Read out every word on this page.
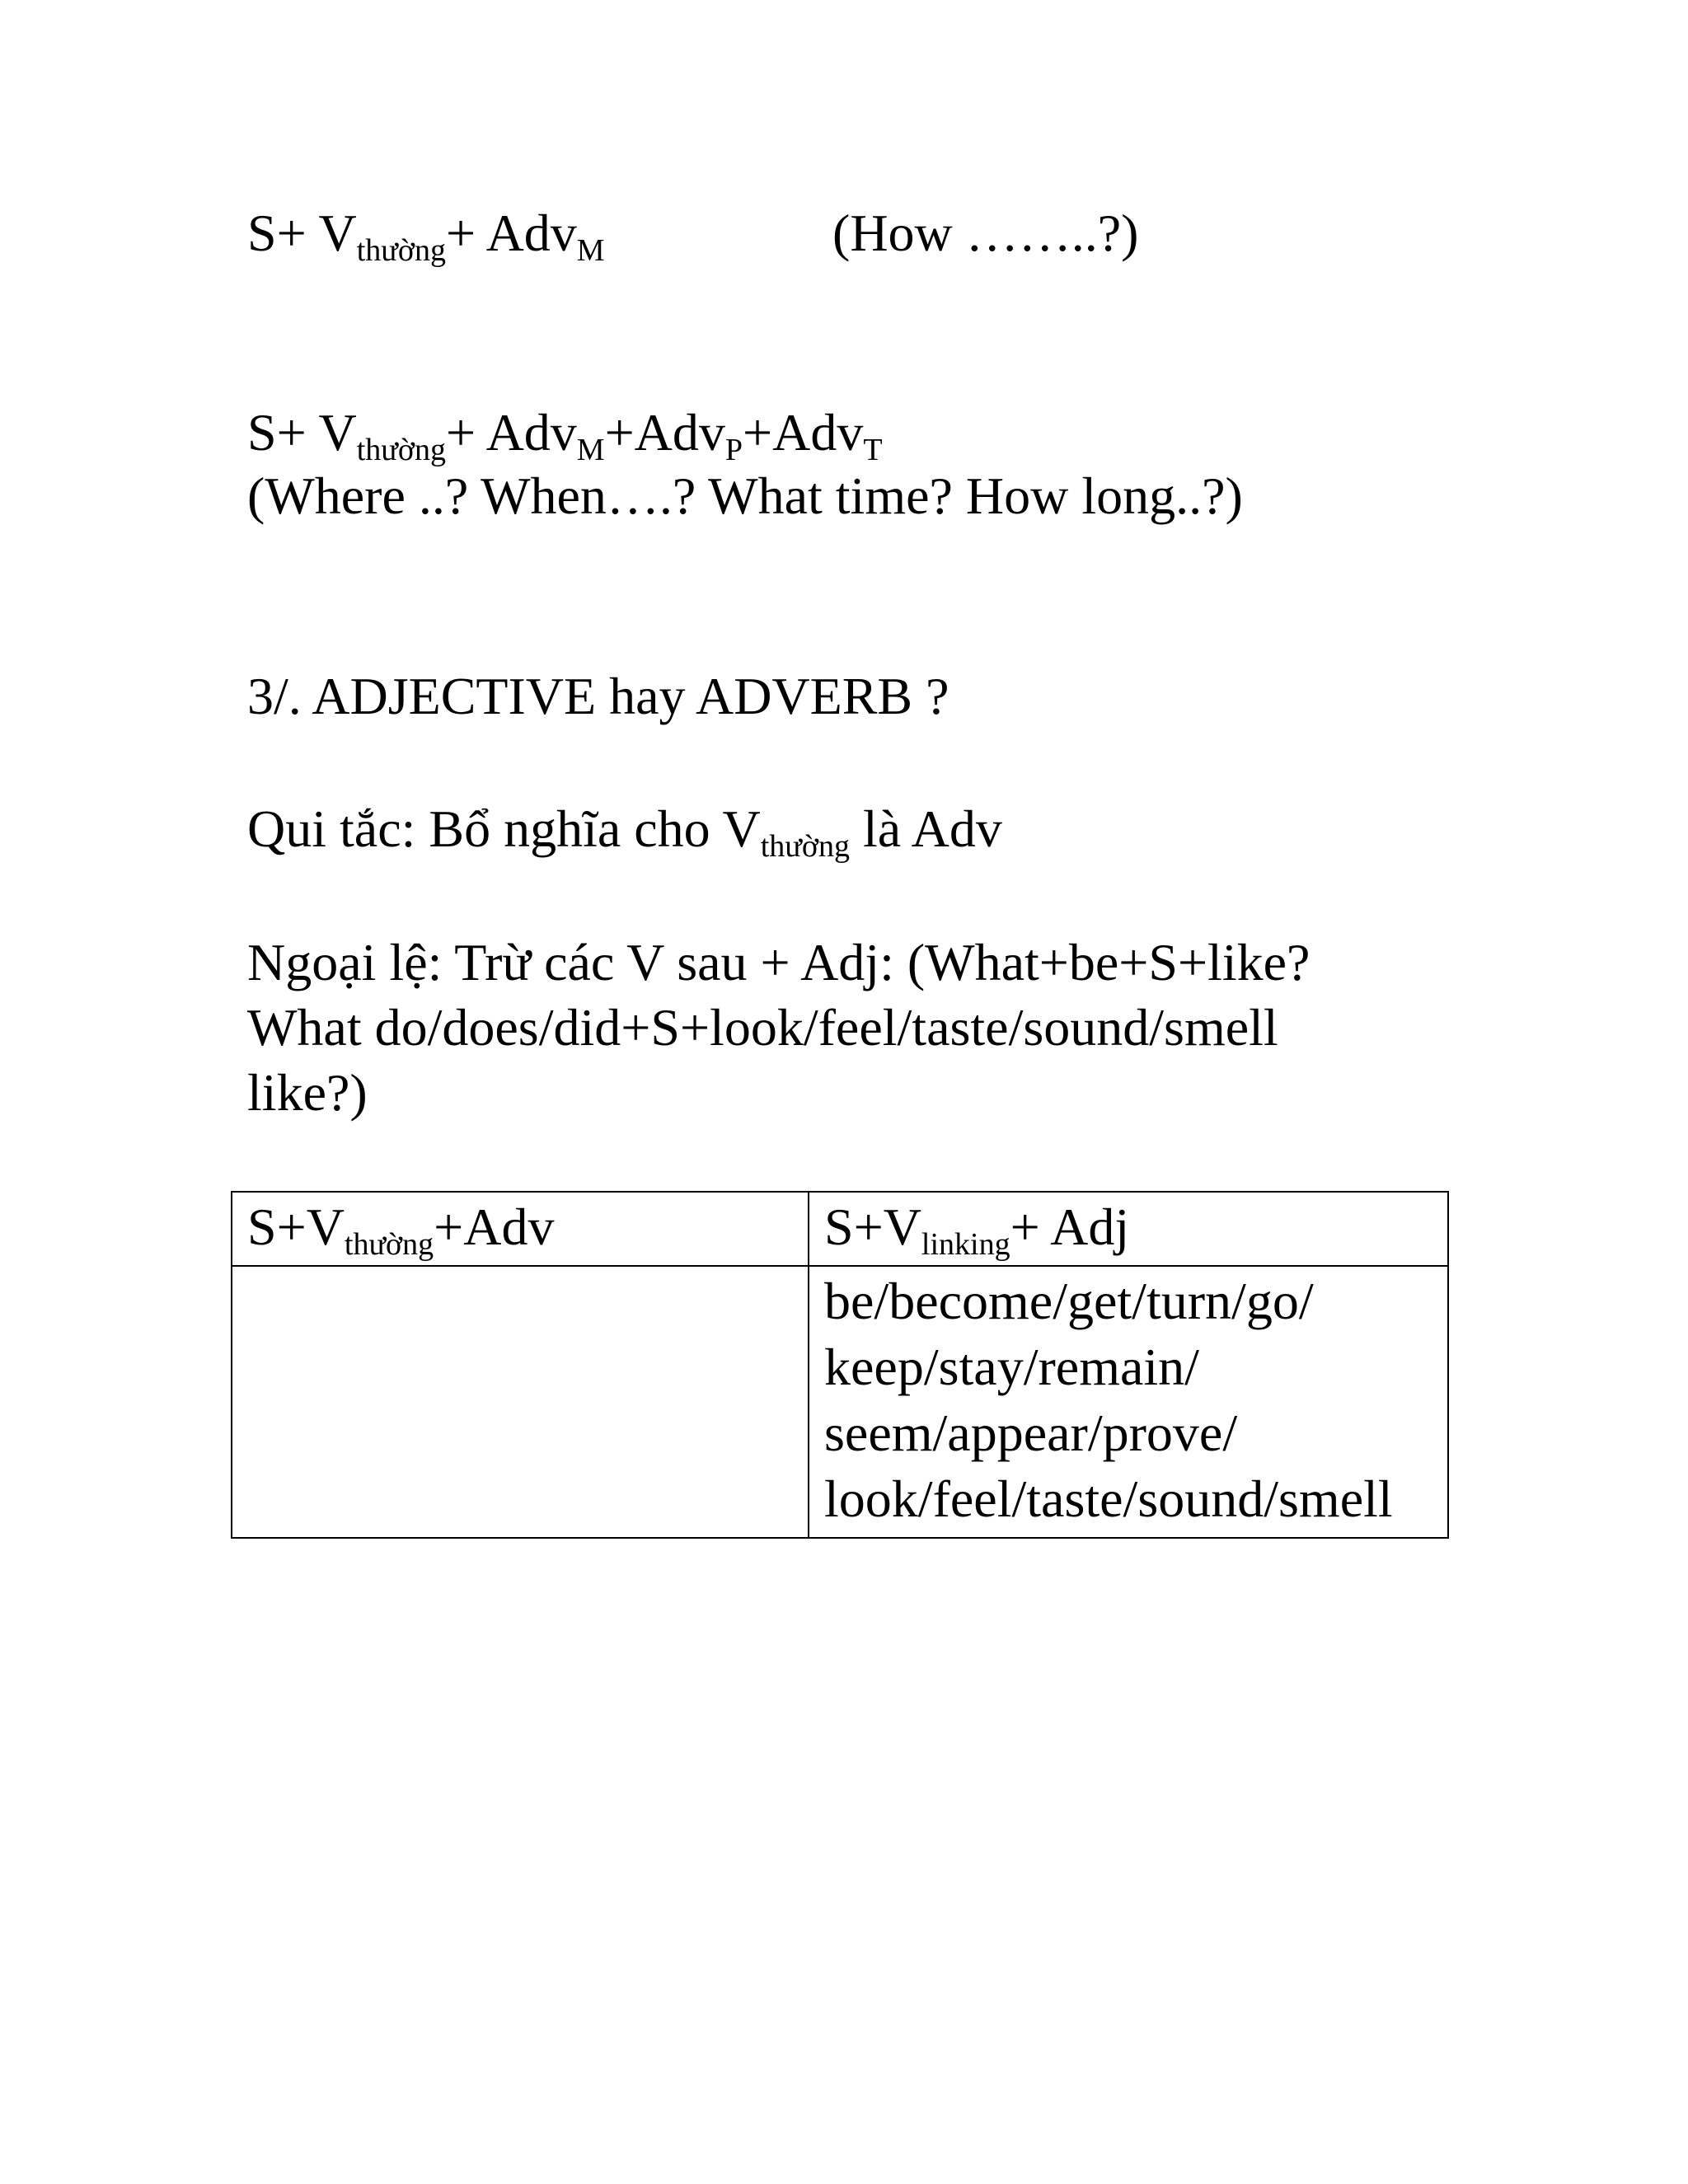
$S+ V_{thường}+ Adv_M$	(How ……..?)
$S+ V_{thường}+ Adv_M+Adv_P+Adv_T$
(Where ..? When….? What time? How long..?)
3/. ADJECTIVE hay ADVERB ?
Qui tắc: Bổ nghĩa cho $V_{thường}$ là Adv
Ngoại lệ: Trừ các V sau + Adj: (What+be+S+like?
What do/does/did+S+look/feel/taste/sound/smell
like?)
$S+V_{thường}+Adv$	$S+V_{linking}+$ Adj

	be/become/get/turn/go/
keep/stay/remain/
seem/appear/prove/
look/feel/taste/sound/smell
